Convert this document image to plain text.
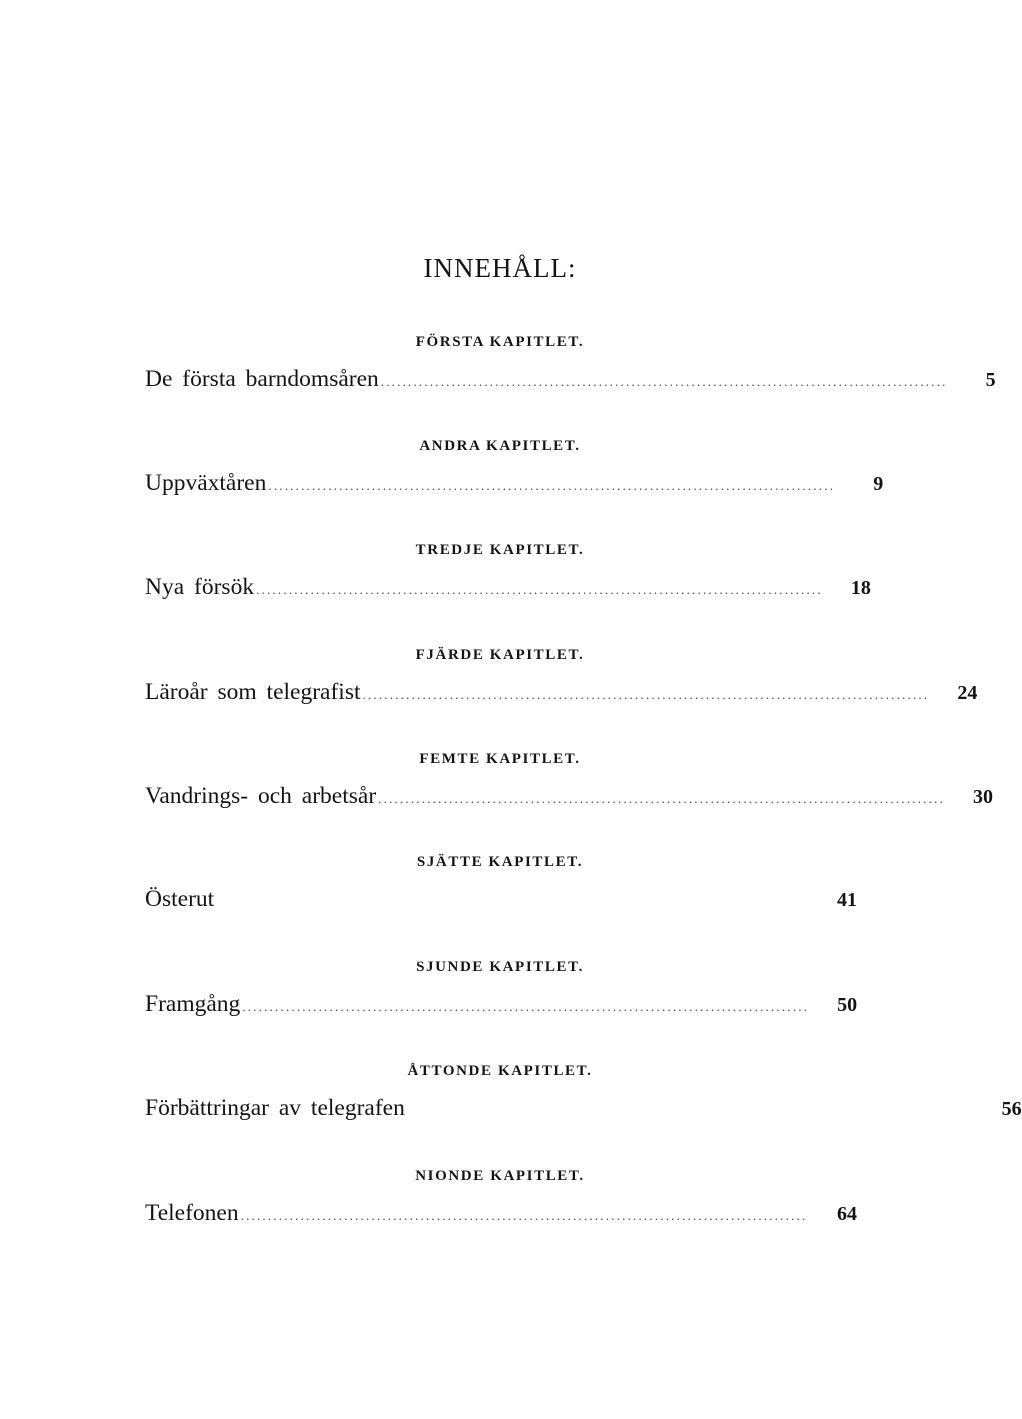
INNEHÅLL:
FÖRSTA KAPITLET.
De första barndomsåren ........................................................................................................	5
ANDRA KAPITLET.
Uppväxtåren ........................................................................................................	9
TREDJE KAPITLET.
Nya försök ........................................................................................................	18
FJÄRDE KAPITLET.
Läroår som telegrafist ........................................................................................................	24
FEMTE KAPITLET.
Vandrings- och arbetsår ........................................................................................................	30
SJÄTTE KAPITLET.
Österut	41
SJUNDE KAPITLET.
Framgång ........................................................................................................	50
ÅTTONDE KAPITLET.
Förbättringar av telegrafen	56
NIONDE KAPITLET.
Telefonen ........................................................................................................	64
